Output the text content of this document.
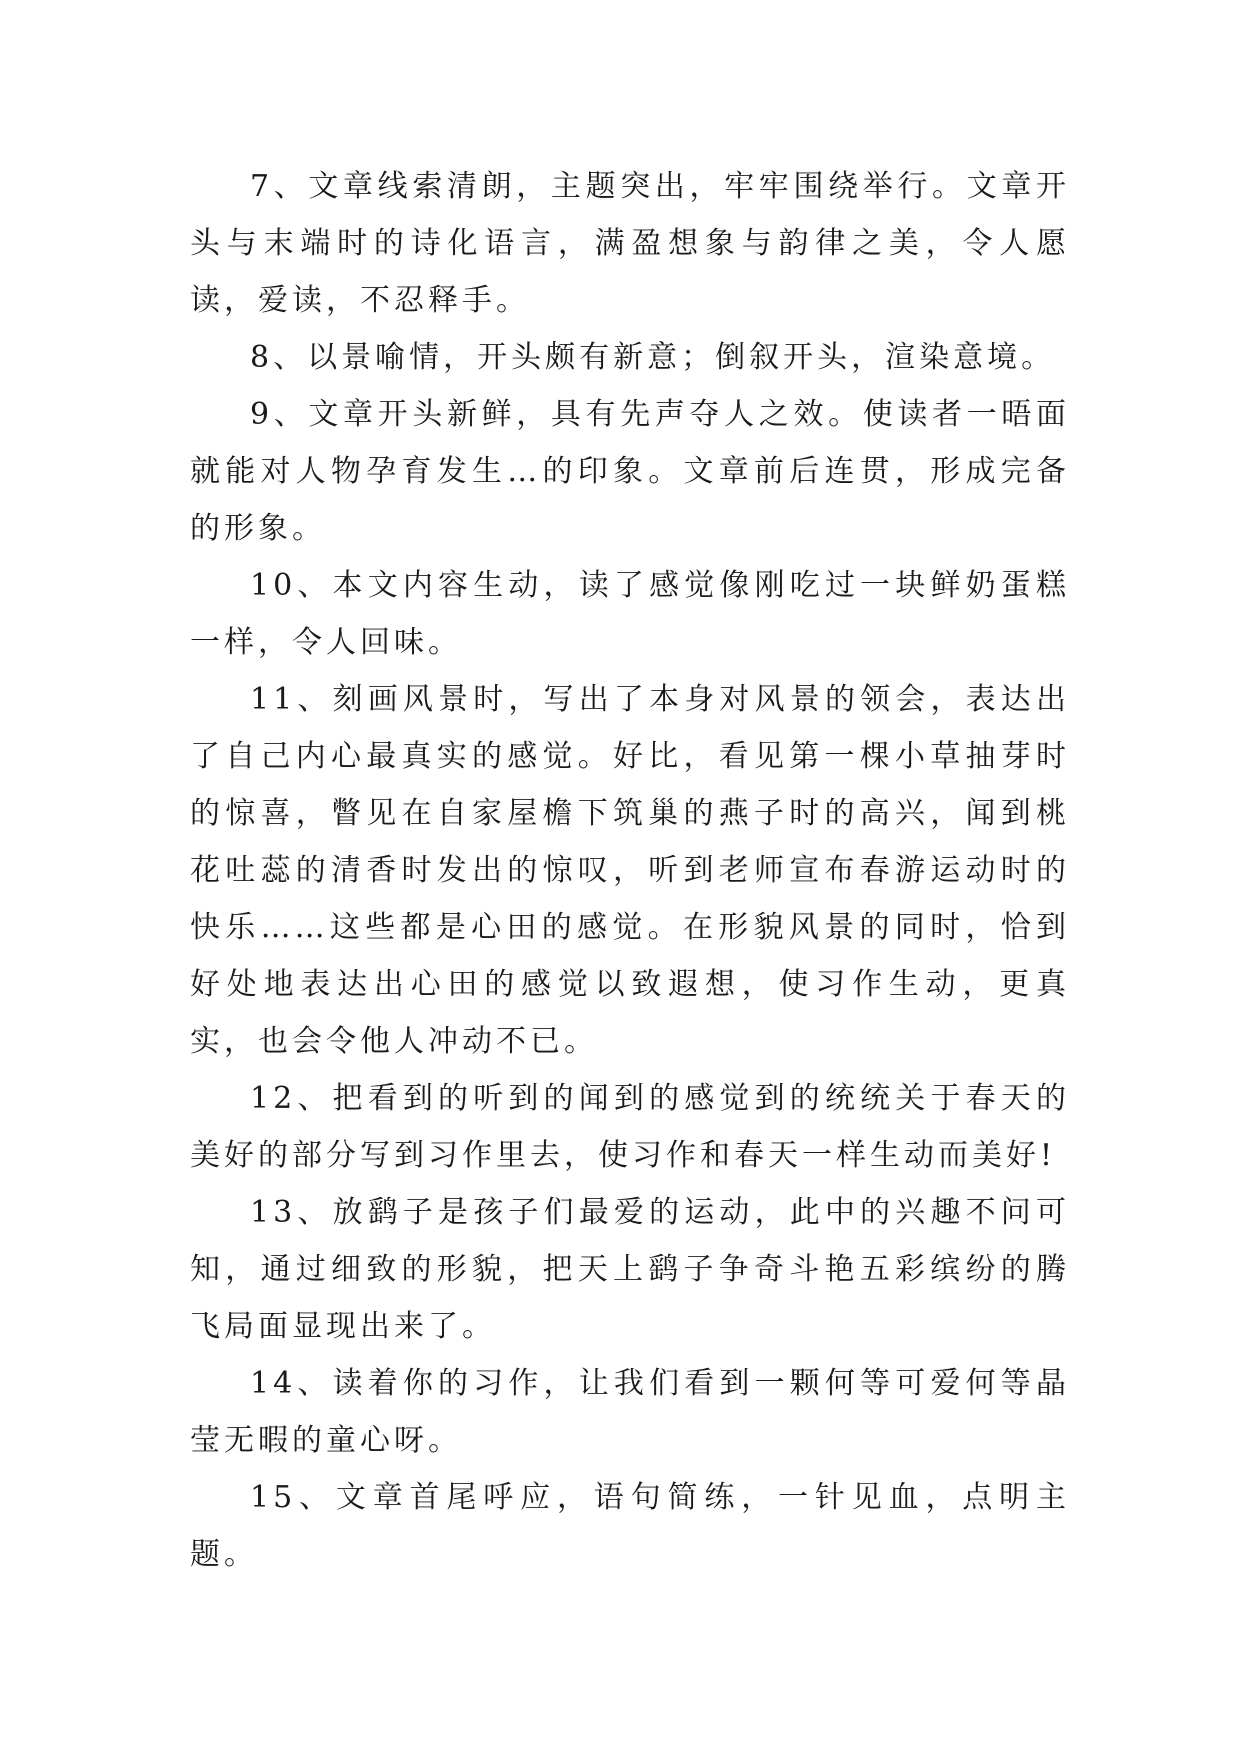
7、文章线索清朗，主题突出，牢牢围绕举行。文章开头与末端时的诗化语言，满盈想象与韵律之美，令人愿读，爱读，不忍释手。

8、以景喻情，开头颇有新意；倒叙开头，渲染意境。

9、文章开头新鲜，具有先声夺人之效。使读者一晤面就能对人物孕育发生…的印象。文章前后连贯，形成完备的形象。

10、本文内容生动，读了感觉像刚吃过一块鲜奶蛋糕一样，令人回味。

11、刻画风景时，写出了本身对风景的领会，表达出了自己内心最真实的感觉。好比，看见第一棵小草抽芽时的惊喜，瞥见在自家屋檐下筑巢的燕子时的高兴，闻到桃花吐蕊的清香时发出的惊叹，听到老师宣布春游运动时的快乐……这些都是心田的感觉。在形貌风景的同时，恰到好处地表达出心田的感觉以致遐想，使习作生动，更真实，也会令他人冲动不已。

12、把看到的听到的闻到的感觉到的统统关于春天的美好的部分写到习作里去，使习作和春天一样生动而美好!

13、放鹞子是孩子们最爱的运动，此中的兴趣不问可知，通过细致的形貌，把天上鹞子争奇斗艳五彩缤纷的腾飞局面显现出来了。

14、读着你的习作，让我们看到一颗何等可爱何等晶莹无暇的童心呀。

15、文章首尾呼应，语句简练，一针见血，点明主题。
